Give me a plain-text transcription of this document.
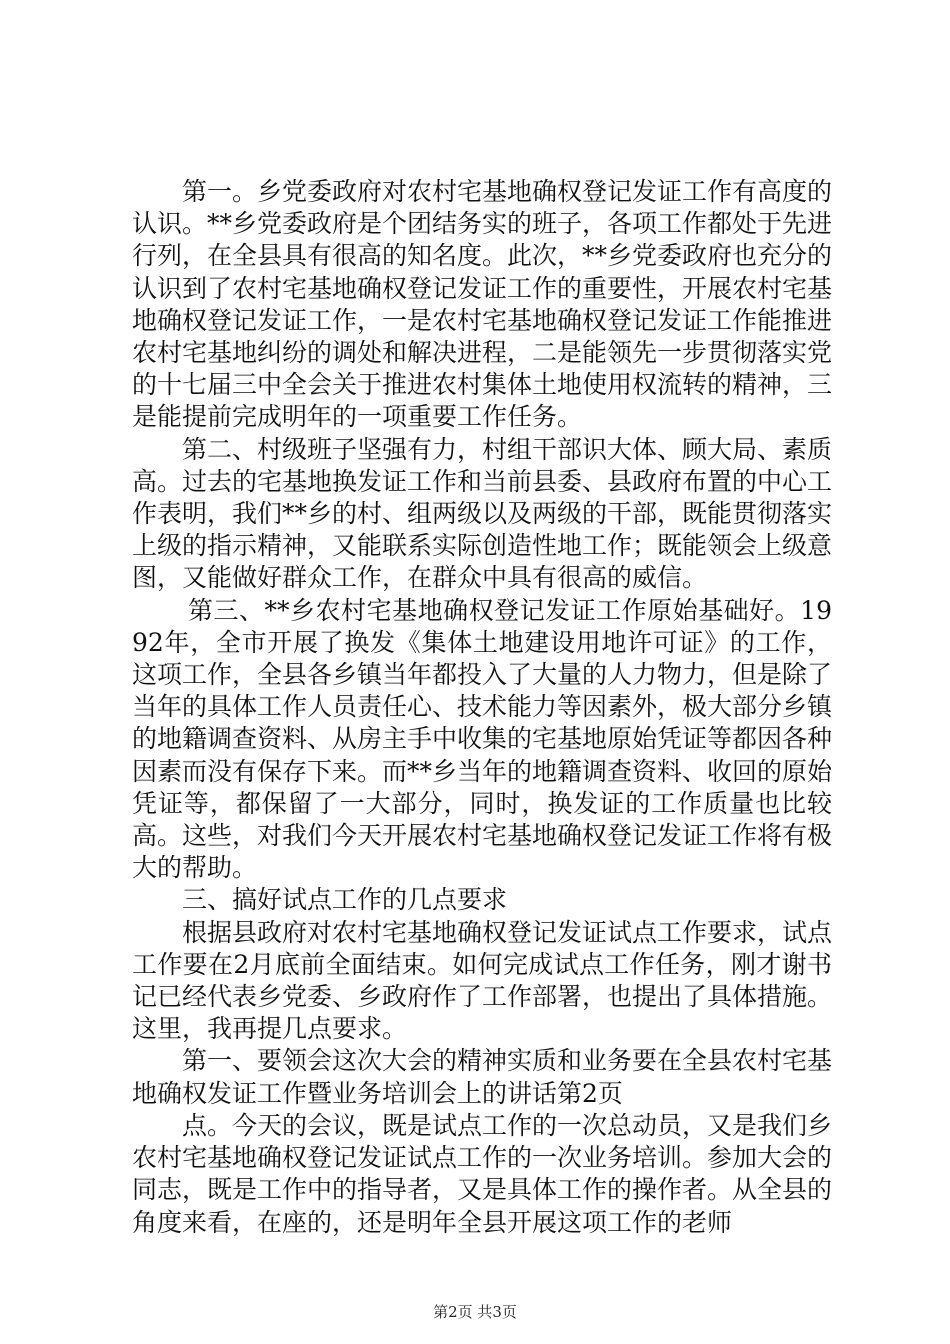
第一。乡党委政府对农村宅基地确权登记发证工作有高度的认识。**乡党委政府是个团结务实的班子，各项工作都处于先进行列，在全县具有很高的知名度。此次，**乡党委政府也充分的认识到了农村宅基地确权登记发证工作的重要性，开展农村宅基地确权登记发证工作，一是农村宅基地确权登记发证工作能推进农村宅基地纠纷的调处和解决进程，二是能领先一步贯彻落实党的十七届三中全会关于推进农村集体土地使用权流转的精神，三是能提前完成明年的一项重要工作任务。

第二、村级班子坚强有力，村组干部识大体、顾大局、素质高。过去的宅基地换发证工作和当前县委、县政府布置的中心工作表明，我们**乡的村、组两级以及两级的干部，既能贯彻落实上级的指示精神，又能联系实际创造性地工作；既能领会上级意图，又能做好群众工作，在群众中具有很高的威信。

第三、**乡农村宅基地确权登记发证工作原始基础好。1992年，全市开展了换发《集体土地建设用地许可证》的工作，这项工作，全县各乡镇当年都投入了大量的人力物力，但是除了当年的具体工作人员责任心、技术能力等因素外，极大部分乡镇的地籍调查资料、从房主手中收集的宅基地原始凭证等都因各种因素而没有保存下来。而**乡当年的地籍调查资料、收回的原始凭证等，都保留了一大部分，同时，换发证的工作质量也比较高。这些，对我们今天开展农村宅基地确权登记发证工作将有极大的帮助。

三、搞好试点工作的几点要求

根据县政府对农村宅基地确权登记发证试点工作要求，试点工作要在2月底前全面结束。如何完成试点工作任务，刚才谢书记已经代表乡党委、乡政府作了工作部署，也提出了具体措施。这里，我再提几点要求。

第一、要领会这次大会的精神实质和业务要在全县农村宅基地确权发证工作暨业务培训会上的讲话第2页

点。今天的会议，既是试点工作的一次总动员，又是我们乡农村宅基地确权登记发证试点工作的一次业务培训。参加大会的同志，既是工作中的指导者，又是具体工作的操作者。从全县的角度来看，在座的，还是明年全县开展这项工作的老师

第2页 共3页
